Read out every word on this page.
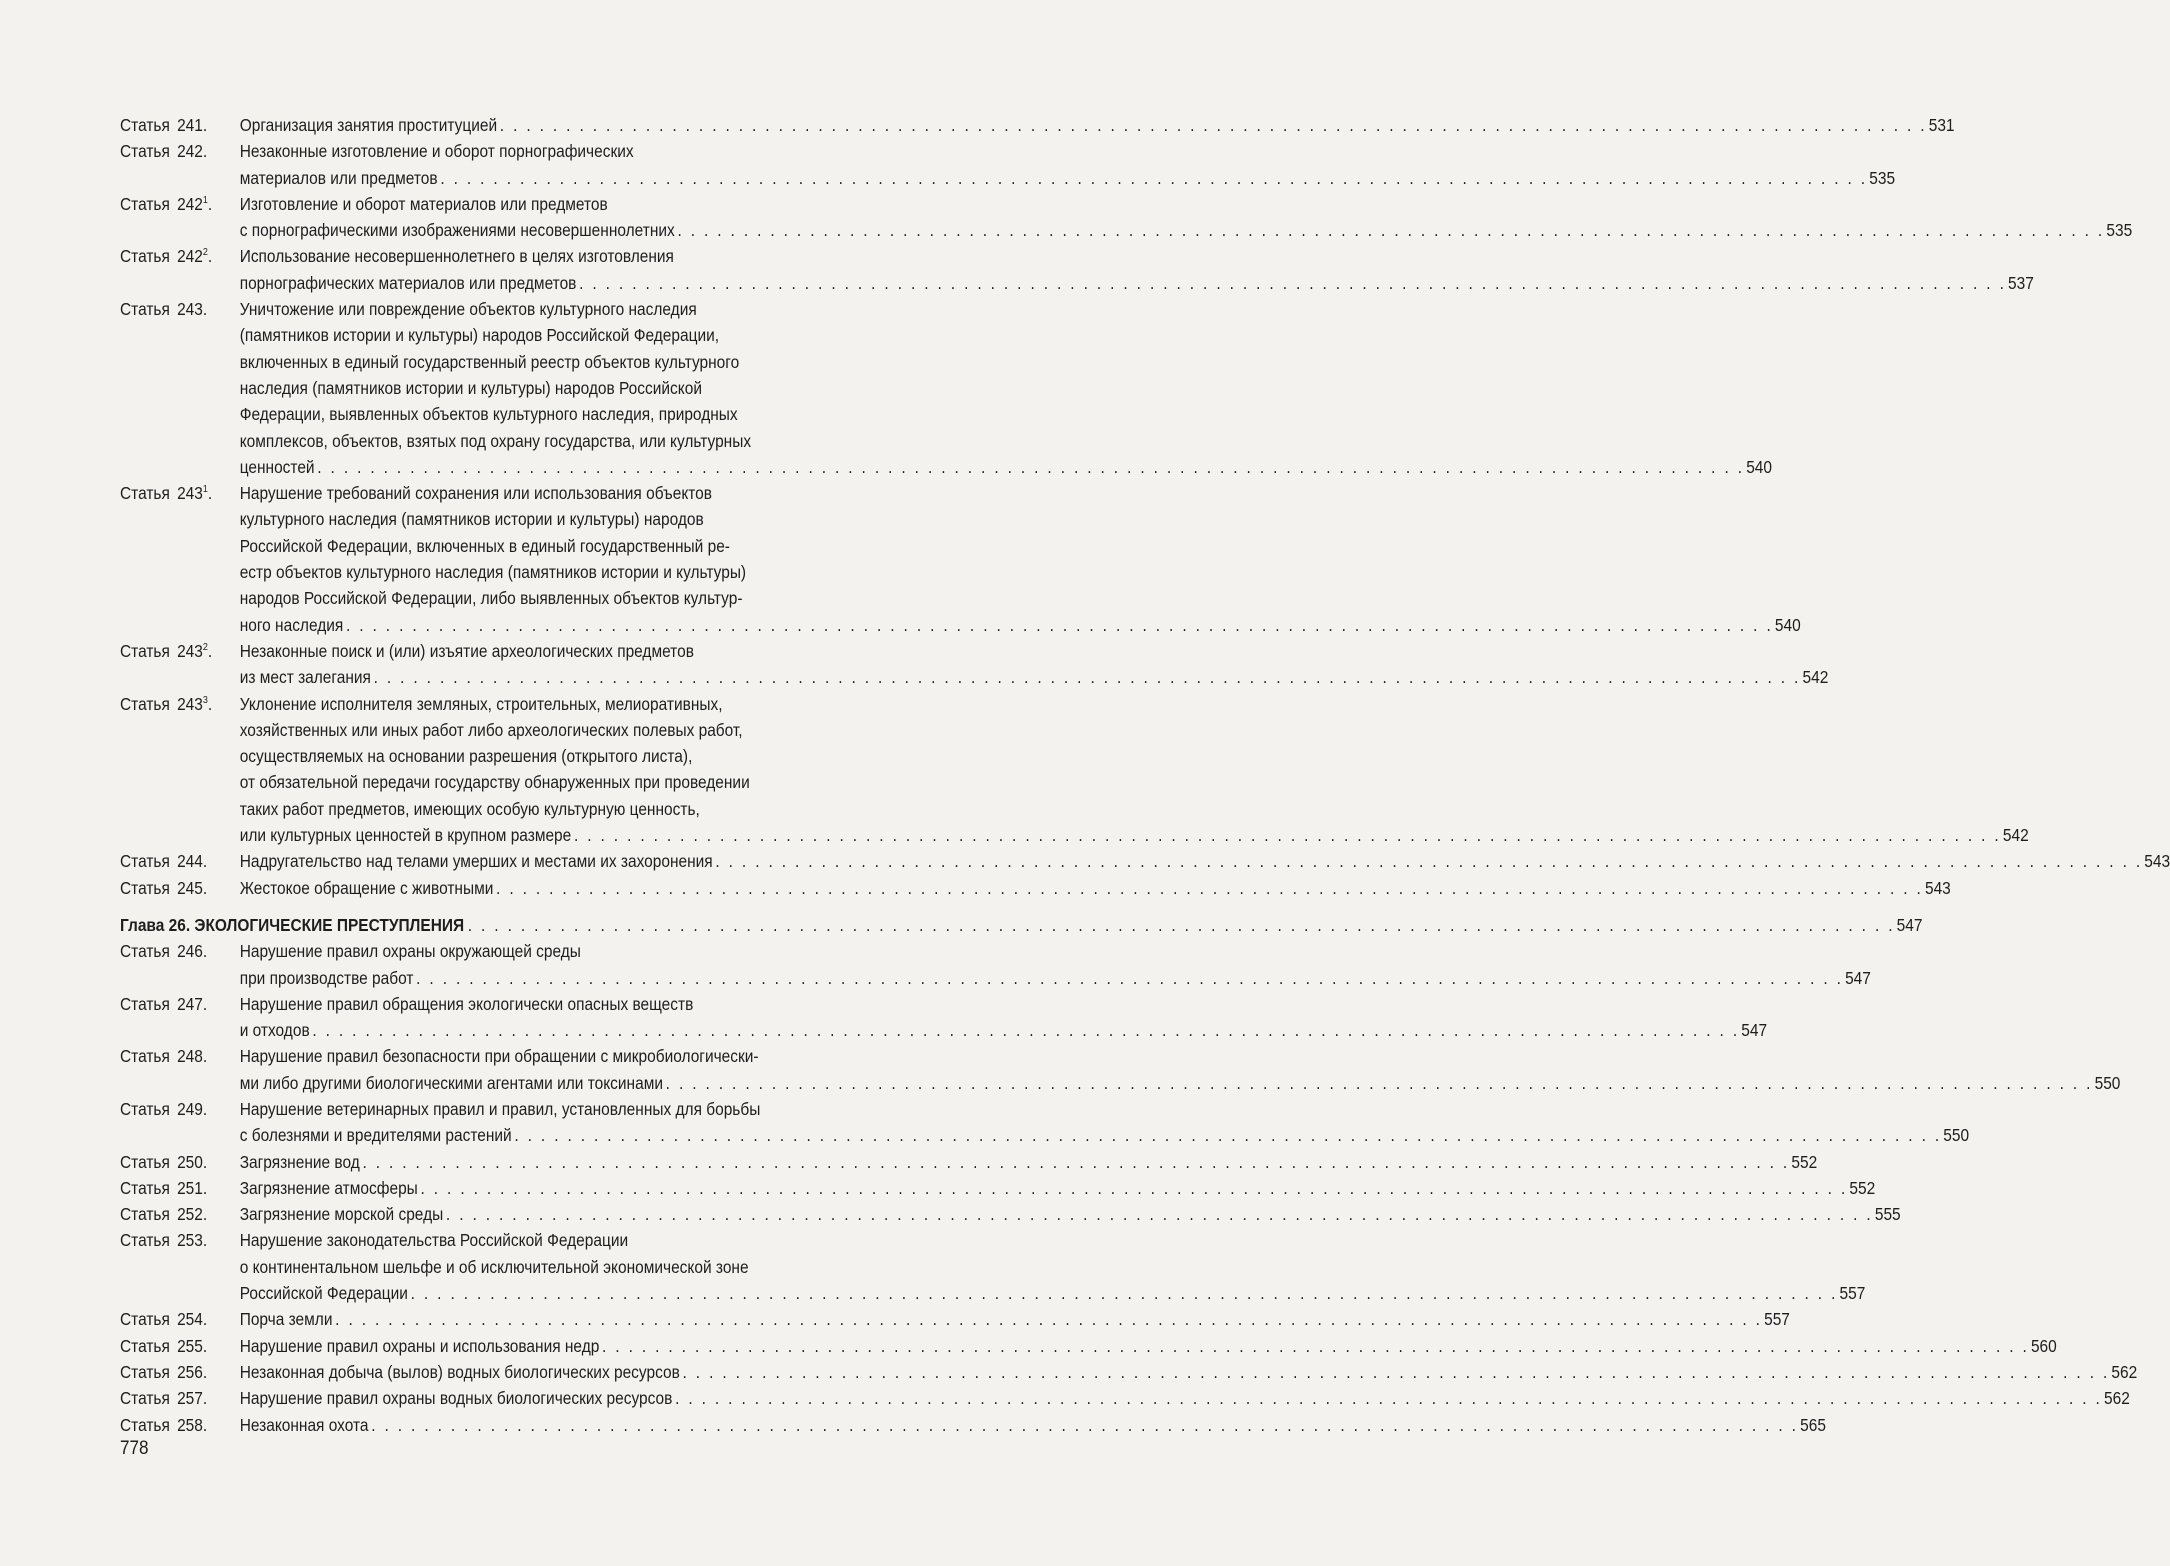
Статья 241.	Организация занятия проституцией . . . . . . . . . . . . . . . . . . . . . . . . . . . . . . . . . . . . . . . . . . . . . . . . . . . . . . . . . . . . . . . . . . . . . . . . . . . . . . . . . . . . . . . . . . . . . . . . . . . . . . . . . . . . 531
Статья 242.	Незаконные изготовление и оборот порнографических
материалов или предметов . . . . . . . . . . . . . . . . . . . . . . . . . . . . . . . . . . . . . . . . . . . . . . . . . . . . . . . . . . . . . . . . . . . . . . . . . . . . . . . . . . . . . . . . . . . . . . . . . . . . . . . . . . . . 535
Статья $242^1$.	Изготовление и оборот материалов или предметов
с порнографическими изображениями несовершеннолетних . . . . . . . . . . . . . . . . . . . . . . . . . . . . . . . . . . . . . . . . . . . . . . . . . . . . . . . . . . . . . . . . . . . . . . . . . . . . . . . . . . . . . . . . . . . . . . . . . . . . . . . . . . . . 535
Статья $242^2$.	Использование несовершеннолетнего в целях изготовления
порнографических материалов или предметов . . . . . . . . . . . . . . . . . . . . . . . . . . . . . . . . . . . . . . . . . . . . . . . . . . . . . . . . . . . . . . . . . . . . . . . . . . . . . . . . . . . . . . . . . . . . . . . . . . . . . . . . . . . . 537
Статья 243.	Уничтожение или повреждение объектов культурного наследия
(памятников истории и культуры) народов Российской Федерации,
включенных в единый государственный реестр объектов культурного
наследия (памятников истории и культуры) народов Российской
Федерации, выявленных объектов культурного наследия, природных
комплексов, объектов, взятых под охрану государства, или культурных
ценностей . . . . . . . . . . . . . . . . . . . . . . . . . . . . . . . . . . . . . . . . . . . . . . . . . . . . . . . . . . . . . . . . . . . . . . . . . . . . . . . . . . . . . . . . . . . . . . . . . . . . . . . . . . . . 540
Статья $243^1$.	Нарушение требований сохранения или использования объектов
культурного наследия (памятников истории и культуры) народов
Российской Федерации, включенных в единый государственный ре-
естр объектов культурного наследия (памятников истории и культуры)
народов Российской Федерации, либо выявленных объектов культур-
ного наследия . . . . . . . . . . . . . . . . . . . . . . . . . . . . . . . . . . . . . . . . . . . . . . . . . . . . . . . . . . . . . . . . . . . . . . . . . . . . . . . . . . . . . . . . . . . . . . . . . . . . . . . . . . . . 540
Статья $243^2$.	Незаконные поиск и (или) изъятие археологических предметов
из мест залегания . . . . . . . . . . . . . . . . . . . . . . . . . . . . . . . . . . . . . . . . . . . . . . . . . . . . . . . . . . . . . . . . . . . . . . . . . . . . . . . . . . . . . . . . . . . . . . . . . . . . . . . . . . . . 542
Статья $243^3$.	Уклонение исполнителя земляных, строительных, мелиоративных,
хозяйственных или иных работ либо археологических полевых работ,
осуществляемых на основании разрешения (открытого листа),
от обязательной передачи государству обнаруженных при проведении
таких работ предметов, имеющих особую культурную ценность,
или культурных ценностей в крупном размере . . . . . . . . . . . . . . . . . . . . . . . . . . . . . . . . . . . . . . . . . . . . . . . . . . . . . . . . . . . . . . . . . . . . . . . . . . . . . . . . . . . . . . . . . . . . . . . . . . . . . . . . . . . . 542
Статья 244.	Надругательство над телами умерших и местами их захоронения . . . . . . . . . . . . . . . . . . . . . . . . . . . . . . . . . . . . . . . . . . . . . . . . . . . . . . . . . . . . . . . . . . . . . . . . . . . . . . . . . . . . . . . . . . . . . . . . . . . . . . . . . . . . 543
Статья 245.	Жестокое обращение с животными . . . . . . . . . . . . . . . . . . . . . . . . . . . . . . . . . . . . . . . . . . . . . . . . . . . . . . . . . . . . . . . . . . . . . . . . . . . . . . . . . . . . . . . . . . . . . . . . . . . . . . . . . . . . 543
Глава 26. ЭКОЛОГИЧЕСКИЕ ПРЕСТУПЛЕНИЯ . . . . . . . . . . . . . . . . . . . . . . . . . . . . . . . . . . . . . . . . . . . . . . . . . . . . . . . . . . . . . . . . . . . . . . . . . . . . . . . . . . . . . . . . . . . . . . . . . . . . . . . . . . . . 547
Статья 246.	Нарушение правил охраны окружающей среды
при производстве работ . . . . . . . . . . . . . . . . . . . . . . . . . . . . . . . . . . . . . . . . . . . . . . . . . . . . . . . . . . . . . . . . . . . . . . . . . . . . . . . . . . . . . . . . . . . . . . . . . . . . . . . . . . . . 547
Статья 247.	Нарушение правил обращения экологически опасных веществ
и отходов . . . . . . . . . . . . . . . . . . . . . . . . . . . . . . . . . . . . . . . . . . . . . . . . . . . . . . . . . . . . . . . . . . . . . . . . . . . . . . . . . . . . . . . . . . . . . . . . . . . . . . . . . . . . 547
Статья 248.	Нарушение правил безопасности при обращении с микробиологически-
ми либо другими биологическими агентами или токсинами . . . . . . . . . . . . . . . . . . . . . . . . . . . . . . . . . . . . . . . . . . . . . . . . . . . . . . . . . . . . . . . . . . . . . . . . . . . . . . . . . . . . . . . . . . . . . . . . . . . . . . . . . . . . 550
Статья 249.	Нарушение ветеринарных правил и правил, установленных для борьбы
с болезнями и вредителями растений . . . . . . . . . . . . . . . . . . . . . . . . . . . . . . . . . . . . . . . . . . . . . . . . . . . . . . . . . . . . . . . . . . . . . . . . . . . . . . . . . . . . . . . . . . . . . . . . . . . . . . . . . . . . 550
Статья 250.	Загрязнение вод . . . . . . . . . . . . . . . . . . . . . . . . . . . . . . . . . . . . . . . . . . . . . . . . . . . . . . . . . . . . . . . . . . . . . . . . . . . . . . . . . . . . . . . . . . . . . . . . . . . . . . . . . . . . 552
Статья 251.	Загрязнение атмосферы . . . . . . . . . . . . . . . . . . . . . . . . . . . . . . . . . . . . . . . . . . . . . . . . . . . . . . . . . . . . . . . . . . . . . . . . . . . . . . . . . . . . . . . . . . . . . . . . . . . . . . . . . . . . 552
Статья 252.	Загрязнение морской среды . . . . . . . . . . . . . . . . . . . . . . . . . . . . . . . . . . . . . . . . . . . . . . . . . . . . . . . . . . . . . . . . . . . . . . . . . . . . . . . . . . . . . . . . . . . . . . . . . . . . . . . . . . . . 555
Статья 253.	Нарушение законодательства Российской Федерации
о континентальном шельфе и об исключительной экономической зоне
Российской Федерации . . . . . . . . . . . . . . . . . . . . . . . . . . . . . . . . . . . . . . . . . . . . . . . . . . . . . . . . . . . . . . . . . . . . . . . . . . . . . . . . . . . . . . . . . . . . . . . . . . . . . . . . . . . . 557
Статья 254.	Порча земли . . . . . . . . . . . . . . . . . . . . . . . . . . . . . . . . . . . . . . . . . . . . . . . . . . . . . . . . . . . . . . . . . . . . . . . . . . . . . . . . . . . . . . . . . . . . . . . . . . . . . . . . . . . . 557
Статья 255.	Нарушение правил охраны и использования недр . . . . . . . . . . . . . . . . . . . . . . . . . . . . . . . . . . . . . . . . . . . . . . . . . . . . . . . . . . . . . . . . . . . . . . . . . . . . . . . . . . . . . . . . . . . . . . . . . . . . . . . . . . . . 560
Статья 256.	Незаконная добыча (вылов) водных биологических ресурсов . . . . . . . . . . . . . . . . . . . . . . . . . . . . . . . . . . . . . . . . . . . . . . . . . . . . . . . . . . . . . . . . . . . . . . . . . . . . . . . . . . . . . . . . . . . . . . . . . . . . . . . . . . . . 562
Статья 257.	Нарушение правил охраны водных биологических ресурсов . . . . . . . . . . . . . . . . . . . . . . . . . . . . . . . . . . . . . . . . . . . . . . . . . . . . . . . . . . . . . . . . . . . . . . . . . . . . . . . . . . . . . . . . . . . . . . . . . . . . . . . . . . . . 562
Статья 258.	Незаконная охота . . . . . . . . . . . . . . . . . . . . . . . . . . . . . . . . . . . . . . . . . . . . . . . . . . . . . . . . . . . . . . . . . . . . . . . . . . . . . . . . . . . . . . . . . . . . . . . . . . . . . . . . . . . . 565
778
